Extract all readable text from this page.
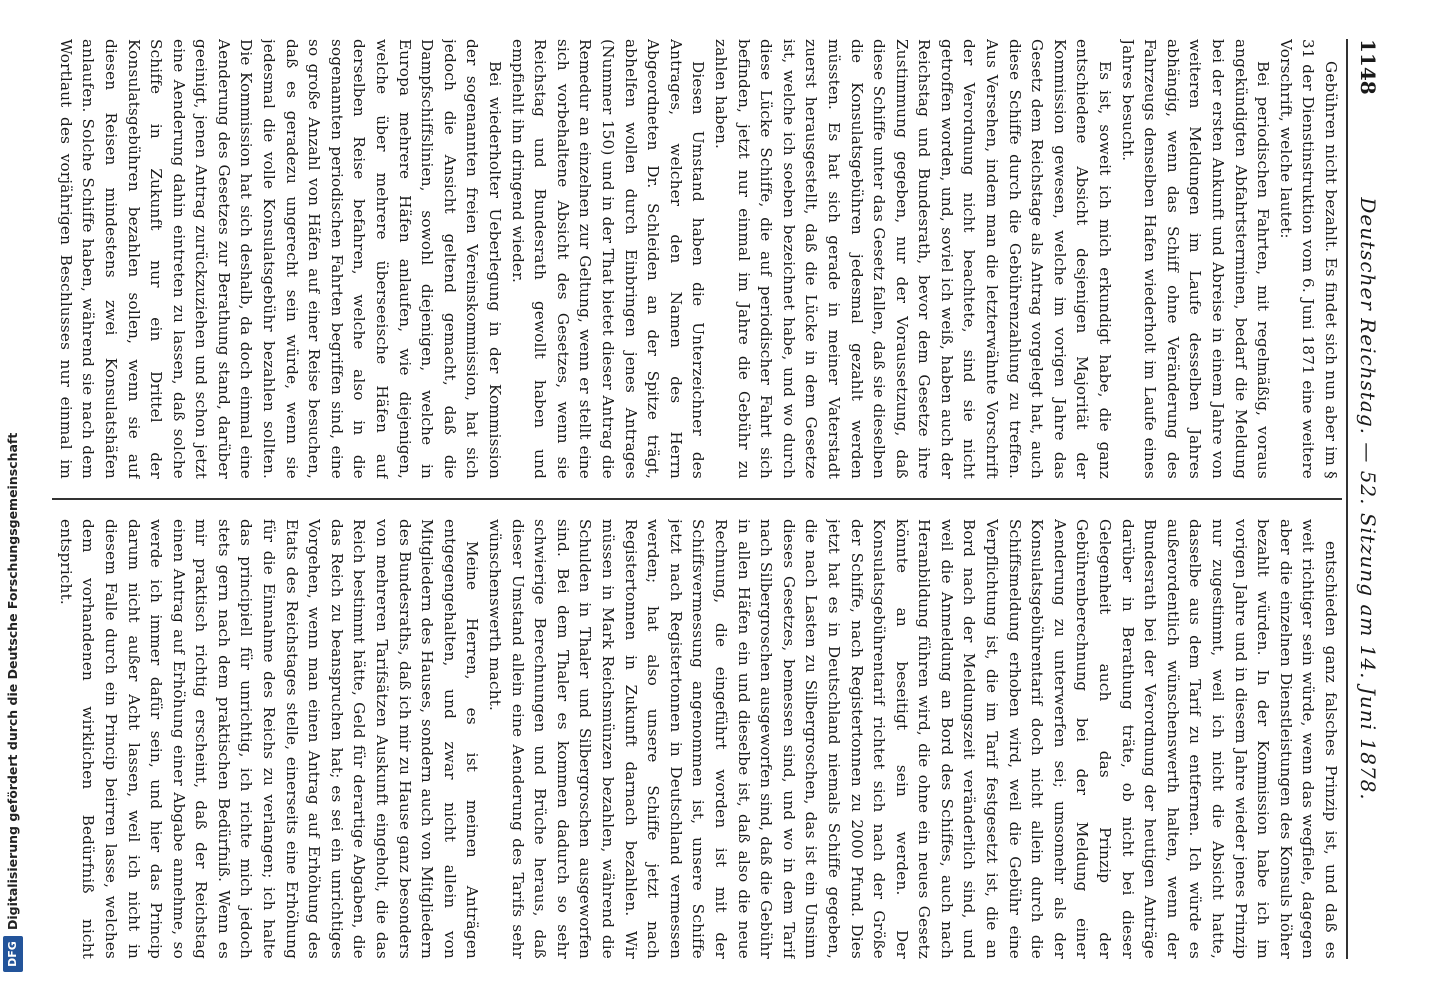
1148
Deutscher Reichstag. — 52. Sitzung am 14. Juni 1878.

Gebühren nicht bezahlt. Es findet sich nun aber im § 31 der Dienstinstruktion vom 6. Juni 1871 eine weitere Vorschrift, welche lautet:

Bei periodischen Fahrten, mit regelmäßig, voraus angekündigten Abfahrtsterminen, bedarf die Meldung bei der ersten Ankunft und Abreise in einem Jahre von weiteren Meldungen im Laufe desselben Jahres abhängig, wenn das Schiff ohne Veränderung des Fahrzeugs denselben Hafen wiederholt im Laufe eines Jahres besucht.

Es ist, soweit ich mich erkundigt habe, die ganz entschiedene Absicht desjenigen Majorität der Kommission gewesen, welche im vorigen Jahre das Gesetz dem Reichstage als Antrag vorgelegt hat, auch diese Schiffe durch die Gebührenzahlung zu treffen. Aus Versehen, indem man die letzterwähnte Vorschrift der Verordnung nicht beachtete, sind sie nicht getroffen worden, und, soviel ich weiß, haben auch der Reichstag und Bundesrath, bevor dem Gesetze ihre Zustimmung gegeben, nur der Voraussetzung, daß diese Schiffe unter das Gesetz fallen, daß sie dieselben die Konsulatsgebühren jedesmal gezahlt werden müssten. Es hat sich gerade in meiner Vaterstadt zuerst herausgestellt, daß die Lücke in dem Gesetze ist, welche ich soeben bezeichnet habe, und wo durch diese Lücke Schiffe, die auf periodischer Fahrt sich befinden, jetzt nur einmal im Jahre die Gebühr zu zahlen haben.

Diesen Umstand haben die Unterzeichner des Antrages, welcher den Namen des Herrn Abgeordneten Dr. Schleiden an der Spitze trägt, abhelfen wollen durch Einbringen jenes Antrages (Nummer 150) und in der That bietet dieser Antrag die Remedur an einzelnen zur Geltung, wenn er stellt eine sich vorbehaltene Absicht des Gesetzes, wenn sie Reichstag und Bundesrath gewollt haben und empfiehlt ihn dringend wieder.

Bei wiederholter Ueberlegung in der Kommission der sogenannten freien Vereinskommission, hat sich jedoch die Ansicht geltend gemacht, daß die Dampfschiffslinien, sowohl diejenigen, welche in Europa mehrere Häfen anlaufen, wie diejenigen, welche über mehrere überseeische Häfen auf derselben Reise befahren, welche also in die sogenannten periodischen Fahrten begriffen sind, eine so große Anzahl von Häfen auf einer Reise besuchen, daß es geradezu ungerecht sein würde, wenn sie jedesmal die volle Konsulatsgebühr bezahlen sollten. Die Kommission hat sich deshalb, da doch einmal eine Aenderung des Gesetzes zur Berathung stand, darüber geeinigt, jenen Antrag zurückzuziehen und schon jetzt eine Aenderung dahin eintreten zu lassen, daß solche Schiffe in Zukunft nur ein Drittel der Konsulatsgebühren bezahlen sollen, wenn sie auf diesen Reisen mindestens zwei Konsulatshäfen anlaufen. Solche Schiffe haben, während sie nach dem Wortlaut des vorjährigen Beschlusses nur einmal im

entschieden ganz falsches Prinzip ist, und daß es weit richtiger sein würde, wenn das wegfiele, dagegen aber die einzelnen Dienstleistungen des Konsuls höher bezahlt würden. In der Kommission habe ich im vorigen Jahre und in diesem Jahre wieder jenes Prinzip nur zugestimmt, weil ich nicht die Absicht hatte, dasselbe aus dem Tarif zu entfernen. Ich würde es außerordentlich wünschenswerth halten, wenn der Bundesrath bei der Verordnung der heutigen Anträge darüber in Berathung träte, ob nicht bei dieser Gelegenheit auch das Prinzip der Gebührenberechnung bei der Meldung einer Aenderung zu unterwerfen sei; umsomehr als der Konsulatsgebührentarif doch nicht allein durch die Schiffsmeldung erhoben wird, weil die Gebühr eine Verpflichtung ist, die im Tarif festgesetzt ist, die an Bord nach der Meldungszeit veränderlich sind, und weil die Anmeldung an Bord des Schiffes, auch nach Heranbildung führen wird, die ohne ein neues Gesetz könnte an beseitigt sein werden. Der Konsulatsgebührentarif richtet sich nach der Größe der Schiffe, nach Registertonnen zu 2000 Pfund. Dies jetzt hat es in Deutschland niemals Schiffe gegeben, die nach Lasten zu Silbergroschen, das ist ein Unsinn dieses Gesetzes, bemessen sind, und wo in dem Tarif nach Silbergroschen ausgeworfen sind, daß die Gebühr in allen Häfen ein und dieselbe ist, daß also die neue Rechnung, die eingeführt worden ist mit der Schiffsvermessung angenommen ist, unsere Schiffe jetzt nach Registertonnen in Deutschland vermessen werden; hat also unsere Schiffe jetzt nach Registertonnen in Zukunft darnach bezahlen. Wir müssen in Mark Reichsmünzen bezahlen, während die Schulden in Thaler und Silbergroschen ausgeworfen sind. Bei dem Thaler es kommen dadurch so sehr schwierige Berechnungen und Brüche heraus, daß dieser Umstand allein eine Aenderung des Tarifs sehr wünschenswerth macht.

Meine Herren, es ist meinen Anträgen entgegengehalten, und zwar nicht allein von Mitgliedern des Hauses, sondern auch von Mitgliedern des Bundesraths, daß ich mir zu Hause ganz besonders von mehreren Tarifsätzen Auskunft eingeholt, die das Reich bestimmt hätte, Geld für derartige Abgaben, die das Reich zu beanspruchen hat; es sei ein unrichtiges Vorgehen, wenn man einen Antrag auf Erhöhung des Etats des Reichstages stelle, einerseits eine Erhöhung für die Einnahme des Reichs zu verlangen; ich halte das principiell für unrichtig, ich richte mich jedoch stets gern nach dem praktischen Bedürfniß. Wenn es mir praktisch richtig erscheint, daß der Reichstag einen Antrag auf Erhöhung einer Abgabe annehme, so werde ich immer dafür sein, und hier das Princip darum nicht außer Acht lassen, weil ich nicht in diesem Falle durch ein Princip beirren lasse, welches dem vorhandenen wirklichen Bedürfniß nicht entspricht.

DFG
Digitalisierung gefördert durch die Deutsche Forschungsgemeinschaft
